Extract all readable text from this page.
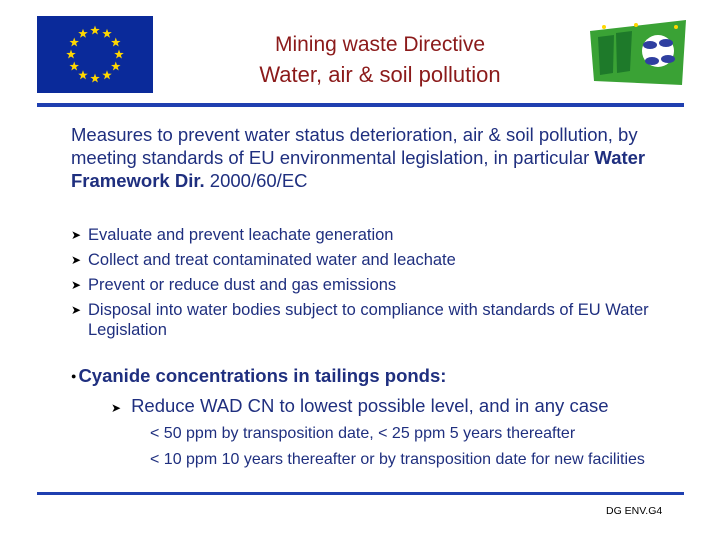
Mining waste Directive
Water, air & soil pollution
Measures to prevent water status deterioration, air & soil pollution, by meeting standards of EU environmental legislation, in particular Water Framework Dir. 2000/60/EC
➤ Evaluate and prevent leachate generation
➤ Collect and treat contaminated water and leachate
➤ Prevent or reduce dust and gas emissions
➤ Disposal into water bodies subject to compliance with standards of EU Water Legislation
● Cyanide concentrations in tailings ponds:
➤ Reduce WAD CN to lowest possible level, and in any case
< 50 ppm by transposition date, < 25 ppm 5 years thereafter
< 10 ppm 10 years thereafter or by transposition date for new facilities
DG ENV.G4
